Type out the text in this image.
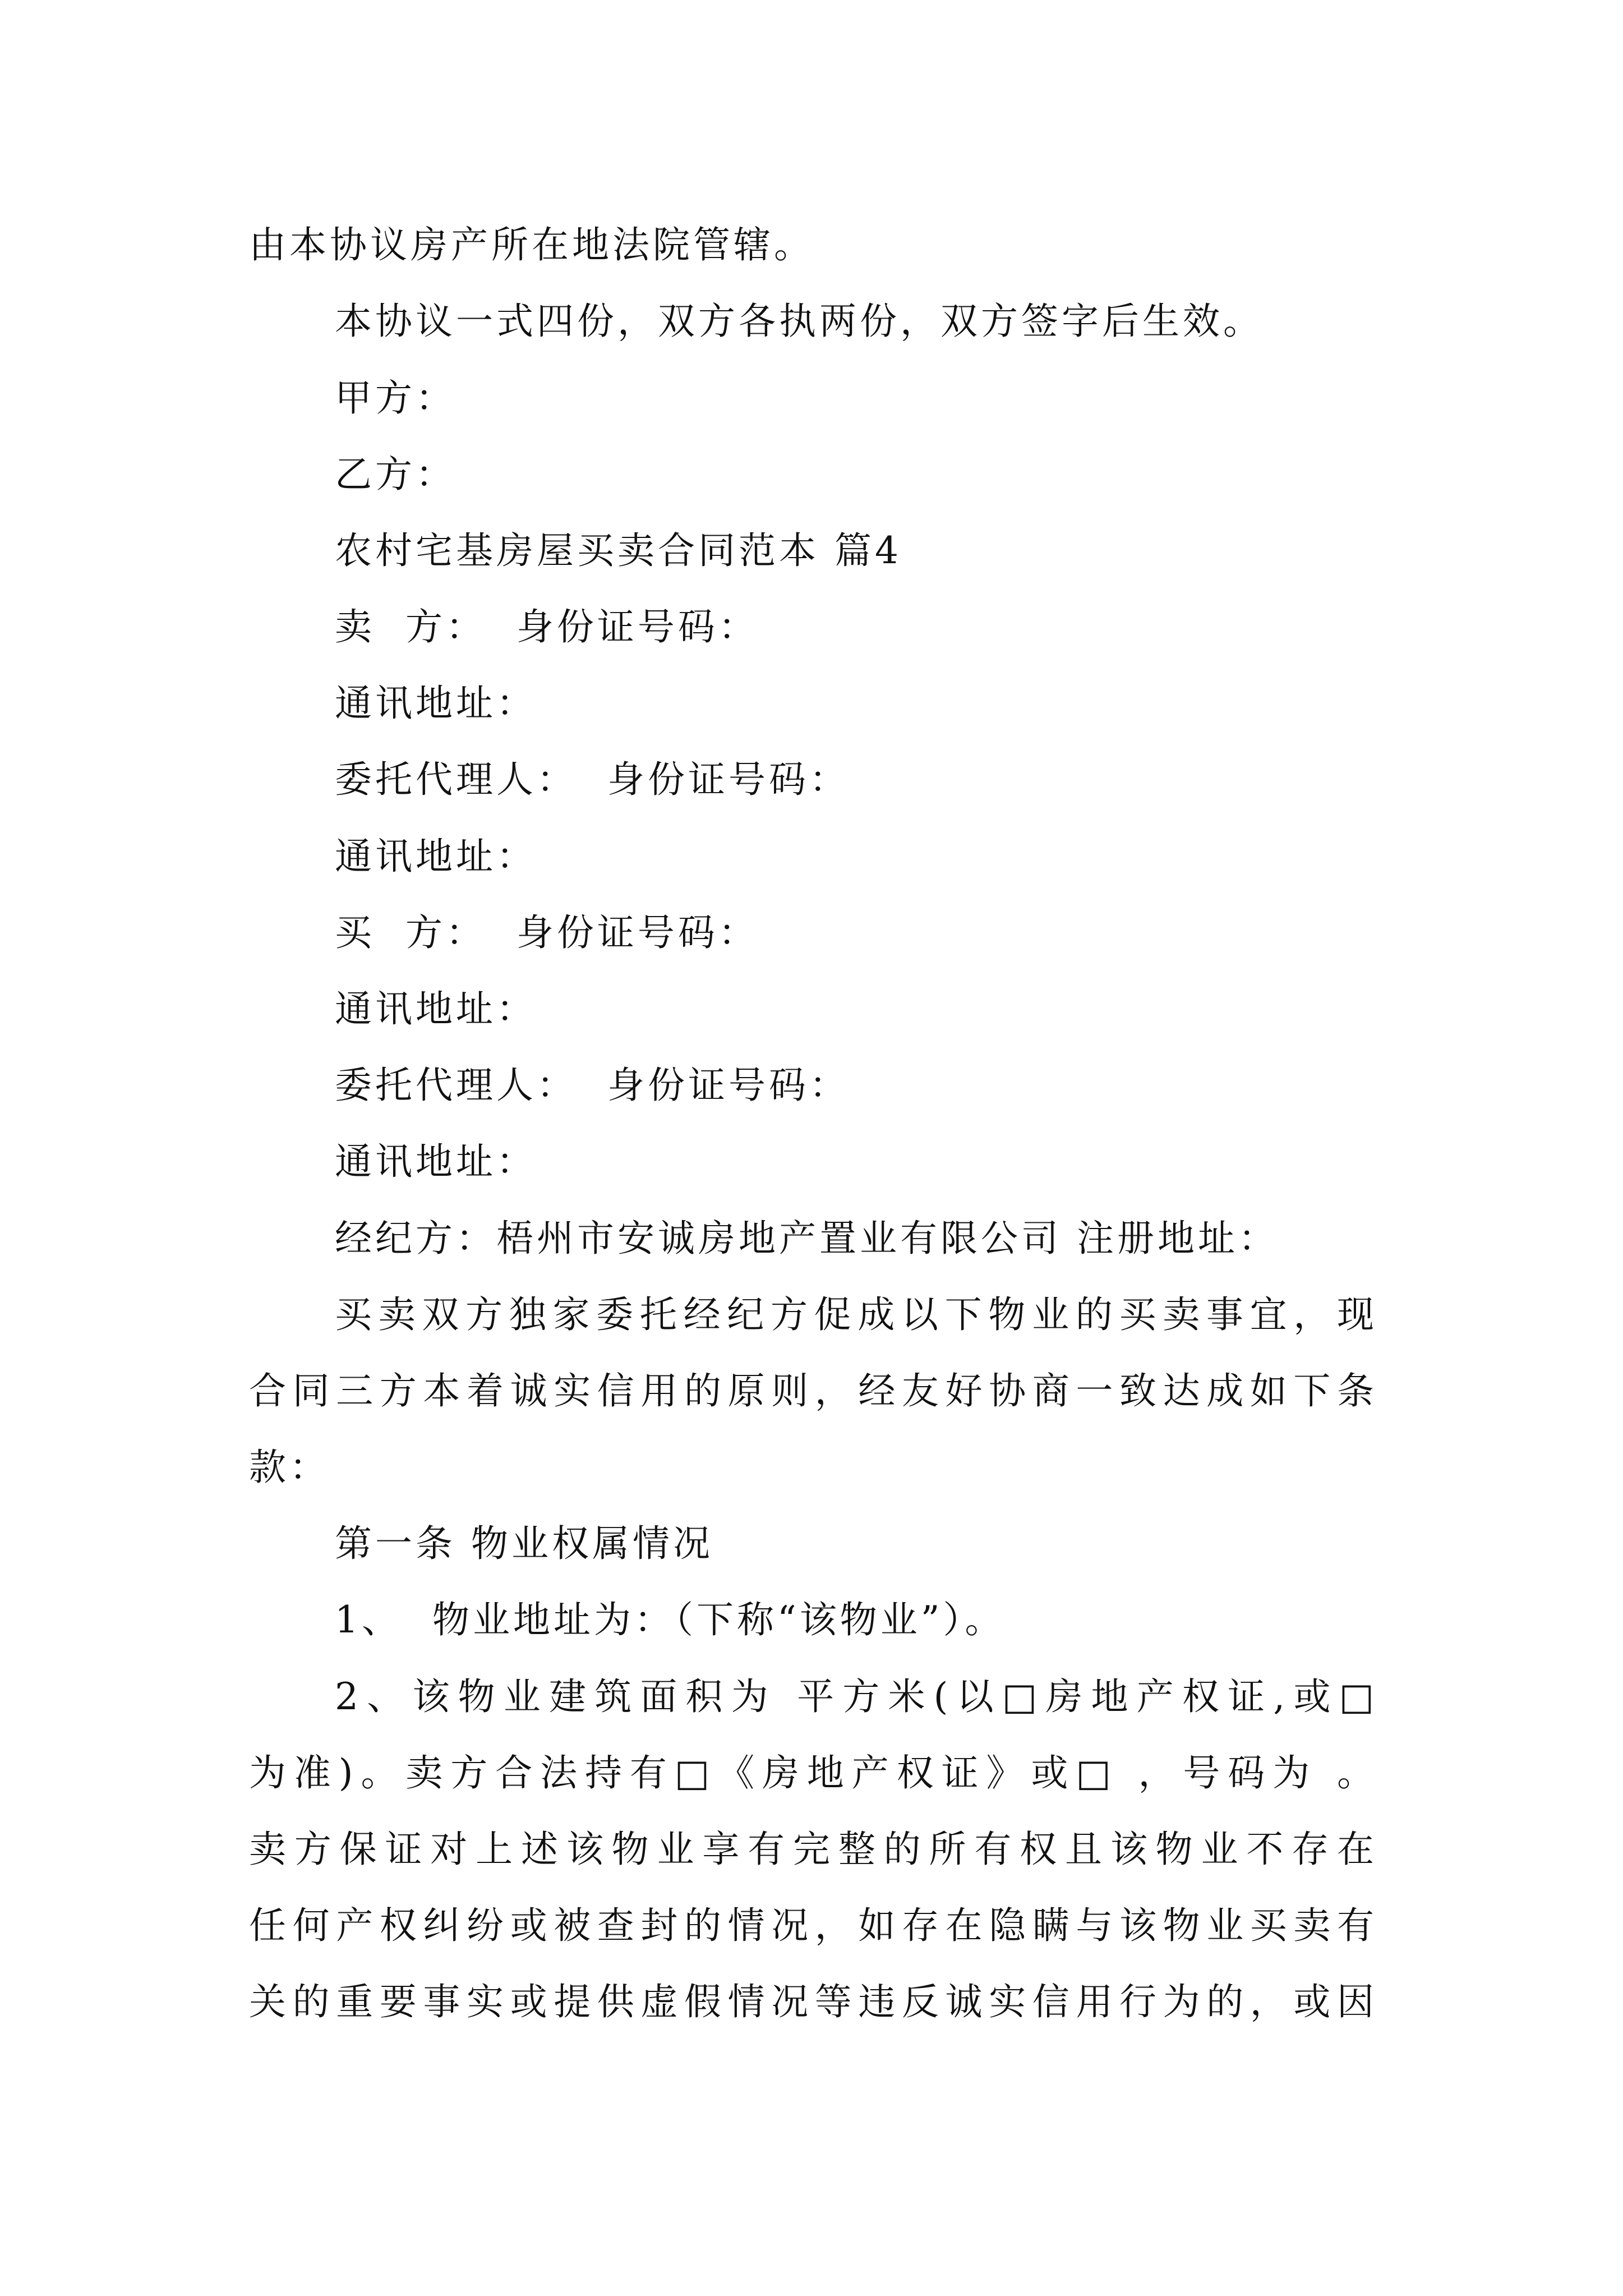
由本协议房产所在地法院管辖。
本协议一式四份，双方各执两份，双方签字后生效。
甲方：
乙方：
农村宅基房屋买卖合同范本 篇4
卖  方：  身份证号码：
通讯地址：
委托代理人：  身份证号码：
通讯地址：
买  方：  身份证号码：
通讯地址：
委托代理人：  身份证号码：
通讯地址：
经纪方：梧州市安诚房地产置业有限公司 注册地址：
买卖双方独家委托经纪方促成以下物业的买卖事宜，现
合同三方本着诚实信用的原则，经友好协商一致达成如下条
款：
第一条 物业权属情况
1、  物业地址为：（下称“该物业”）。
2、该物业建筑面积为 平方米(以□房地产权证,或□
为准)。卖方合法持有□《房地产权证》或□ ，号码为 。
卖方保证对上述该物业享有完整的所有权且该物业不存在
任何产权纠纷或被查封的情况，如存在隐瞒与该物业买卖有
关的重要事实或提供虚假情况等违反诚实信用行为的，或因
